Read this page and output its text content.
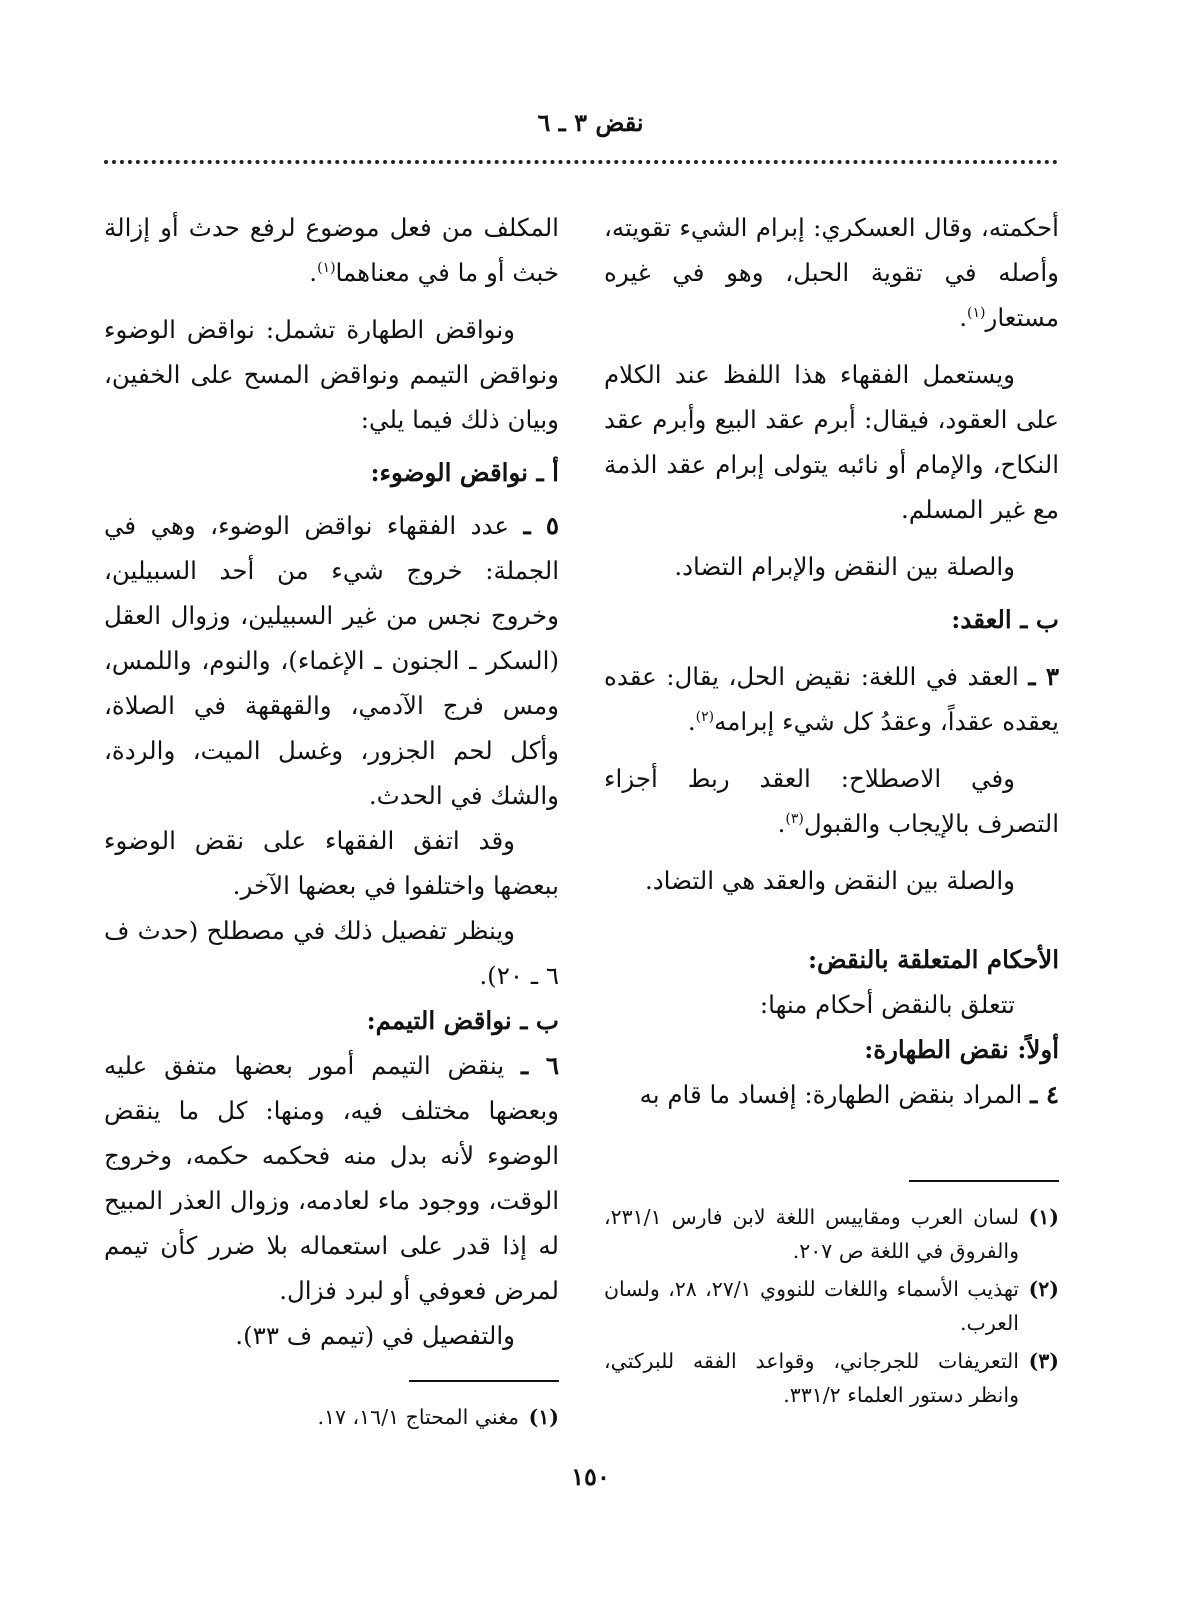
نقض ٣ ـ ٦

أحكمته، وقال العسكري: إبرام الشيء تقويته، وأصله في تقوية الحبل، وهو في غيره مستعار$^{(١)}$.

ويستعمل الفقهاء هذا اللفظ عند الكلام على العقود، فيقال: أبرم عقد البيع وأبرم عقد النكاح، والإمام أو نائبه يتولى إبرام عقد الذمة مع غير المسلم.

والصلة بين النقض والإبرام التضاد.

ب ـ العقد:

٣ ـ العقد في اللغة: نقيض الحل، يقال: عقده يعقده عقداً، وعقدُ كل شيء إبرامه$^{(٢)}$.

وفي الاصطلاح: العقد ربط أجزاء التصرف بالإيجاب والقبول$^{(٣)}$.

والصلة بين النقض والعقد هي التضاد.

الأحكام المتعلقة بالنقض:

تتعلق بالنقض أحكام منها:

أولاً: نقض الطهارة:

٤ ـ المراد بنقض الطهارة: إفساد ما قام به

المكلف من فعل موضوع لرفع حدث أو إزالة خبث أو ما في معناهما$^{(١)}$.

ونواقض الطهارة تشمل: نواقض الوضوء ونواقض التيمم ونواقض المسح على الخفين، وبيان ذلك فيما يلي:

أ ـ نواقض الوضوء:

٥ ـ عدد الفقهاء نواقض الوضوء، وهي في الجملة: خروج شيء من أحد السبيلين، وخروج نجس من غير السبيلين، وزوال العقل (السكر ـ الجنون ـ الإغماء)، والنوم، واللمس، ومس فرج الآدمي، والقهقهة في الصلاة، وأكل لحم الجزور، وغسل الميت، والردة، والشك في الحدث.

وقد اتفق الفقهاء على نقض الوضوء ببعضها واختلفوا في بعضها الآخر.

وينظر تفصيل ذلك في مصطلح (حدث ف ٦ ـ ٢٠).

ب ـ نواقض التيمم:

٦ ـ ينقض التيمم أمور بعضها متفق عليه وبعضها مختلف فيه، ومنها: كل ما ينقض الوضوء لأنه بدل منه فحكمه حكمه، وخروج الوقت، ووجود ماء لعادمه، وزوال العذر المبيح له إذا قدر على استعماله بلا ضرر كأن تيمم لمرض فعوفي أو لبرد فزال.

والتفصيل في (تيمم ف ٣٣).

(١)لسان العرب ومقاييس اللغة لابن فارس ٢٣١/١، والفروق في اللغة ص ٢٠٧.

(٢)تهذيب الأسماء واللغات للنووي ٢٧/١، ٢٨، ولسان العرب.

(٣)التعريفات للجرجاني، وقواعد الفقه للبركتي، وانظر دستور العلماء ٣٣١/٢.

(١)مغني المحتاج ١٦/١، ١٧.

١٥٠
